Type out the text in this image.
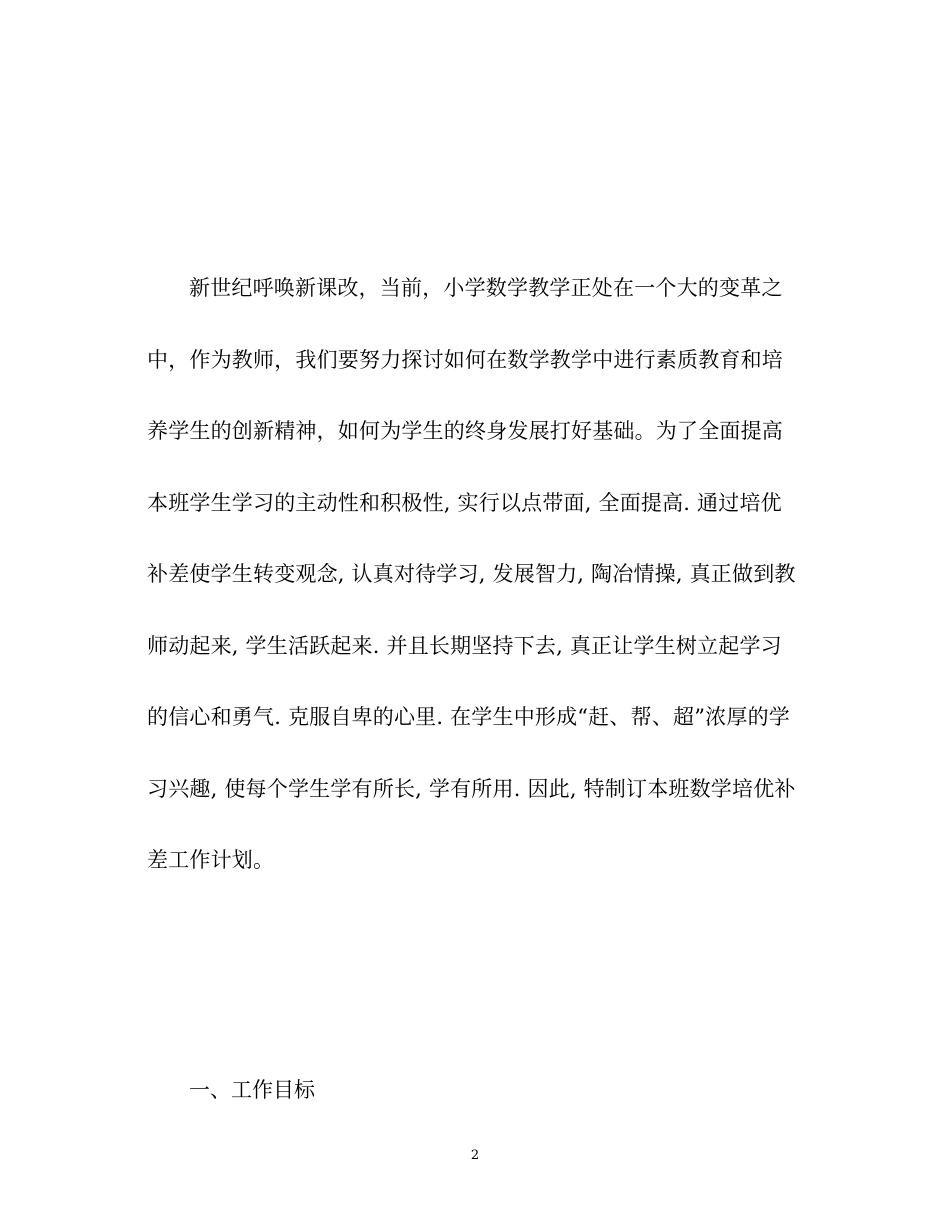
新世纪呼唤新课改，当前，小学数学教学正处在一个大的变革之
中，作为教师，我们要努力探讨如何在数学教学中进行素质教育和培
养学生的创新精神，如何为学生的终身发展打好基础。为了全面提高
本班学生学习的主动性和积极性, 实行以点带面, 全面提高. 通过培优
补差使学生转变观念, 认真对待学习, 发展智力, 陶冶情操, 真正做到教
师动起来, 学生活跃起来. 并且长期坚持下去, 真正让学生树立起学习
的信心和勇气. 克服自卑的心里. 在学生中形成“赶、帮、超”浓厚的学
习兴趣, 使每个学生学有所长, 学有所用. 因此, 特制订本班数学培优补
差工作计划。
一、工作目标
2
